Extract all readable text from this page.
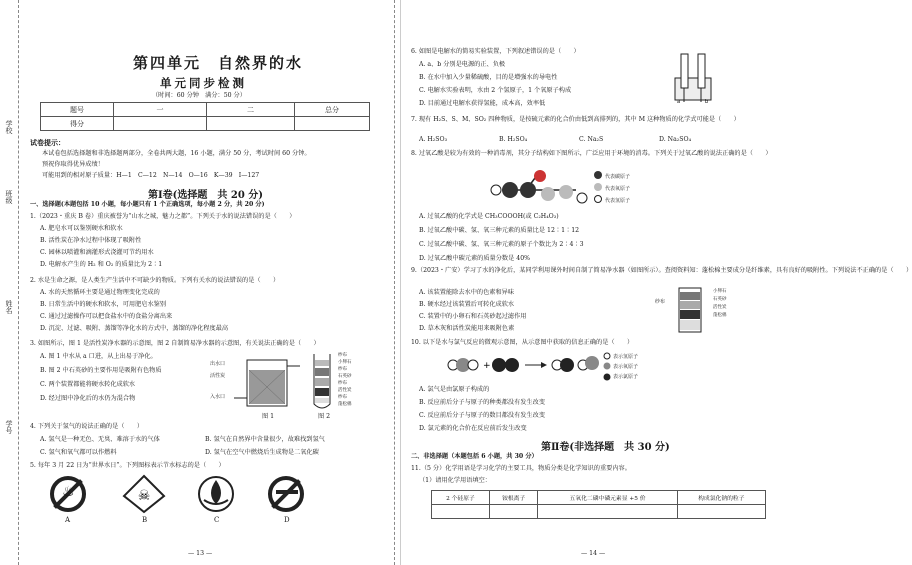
学校
班级
姓名
学号
第四单元　自然界的水
单元同步检测
（时间：60 分钟　满分：50 分）
题号	一	二	总分
得分			
试卷提示：
本试卷包括选择题和非选择题两部分，全卷共两大题，16 小题，满分 50 分，考试时间 60 分钟。
预祝你取得优异成绩！
可能用到的相对原子质量：H—1　C—12　N—14　O—16　K—39　I—127
第Ⅰ卷(选择题　共 20 分)
一、选择题(本题包括 10 小题，每小题只有 1 个正确选项，每小题 2 分，共 20 分)
1.（2023・重庆 B 卷）重庆被誉为“山水之城，魅力之都”。下列关于水的说法错误的是（　　）
A. 肥皂水可以鉴别硬水和软水
B. 活性炭在净水过程中体现了吸附性
C. 园林以喷灌和滴灌形式浇灌可节约用水
D. 电解水产生的 H₂ 和 O₂ 的质量比为 2∶1
2. 水是生命之源，是人类生产生活中不可缺少的物质。下列有关水的说法错误的是（　　）
A. 水的天然循环主要是通过物理变化完成的
B. 日常生活中的硬水和软水，可用肥皂水鉴别
C. 通过过滤操作可以把食盐水中的食盐分离出来
D. 沉淀、过滤、吸附、蒸馏等净化水的方式中，蒸馏的净化程度最高
3. 如图所示，图 1 是活性炭净水器的示意图，图 2 自制简易净水器的示意图，有关说法正确的是（　　）
A. 图 1 中水从 a 口进，从上出易于净化。
B. 图 2 中石英砂的主要作用是吸附有色物质
C. 两个装置都能将硬水转化成软水
D. 经过图中净化后的水仍为混合物
出水口
活性炭
入水口
图 1
纱布
小卵石
纱布
石英砂
纱布
活性炭
纱布
蓬松棉
图 2
4. 下列关于氢气的说法正确的是（　　）
A. 氢气是一种无色、无臭、难溶于水的气体	B. 氢气在自然界中含量很少，故难找到氢气
C. 氢气和氧气都可以作燃料	D. 氢气在空气中燃烧后生成物是二氧化碳
5. 每年 3 月 22 日为“世界水日”。下列图标表示节水标志的是（　　）
♨	☠
A	B	C	D
— 13 —
6. 如图是电解水的简易实验装置，下列叙述错误的是（　　）
A. a、b 分别是电源的正、负极
B. 在水中加入少量稀硫酸，目的是增强水的导电性
C. 电解水实验表明，水由 2 个氢原子，1 个氧原子构成
D. 目前通过电解水获得氢能，成本高，效率低	a	b
7. 现有 H₂S、S、M、SO₂ 四种物质，是按硫元素的化合价由低到高排列的，其中 M 这种物质的化学式可能是（　　）
A. H₂SO₃	B. H₂SO₄	C. Na₂S	D. Na₂SO₄
8. 过氧乙酸是较为有效的一种消毒剂，其分子结构如下图所示，广泛应用于环境的消毒。下列关于过氧乙酸的说法正确的是（　　）
代表碳原子
代表氧原子
代表氢原子
A. 过氧乙酸的化学式是 CH₃COOOH(或 C₂H₄O₃)
B. 过氧乙酸中碳、氢、氧三种元素的质量比是 12∶1∶12
C. 过氧乙酸中碳、氢、氧三种元素的原子个数比为 2∶4∶3
D. 过氧乙酸中碳元素的质量分数是 40%
9.（2023・广安）学习了水的净化后，某同学利用课外时间自制了简易净水器（如图所示）。查阅资料知：蓬松棉主要成分是纤维素，具有良好的吸附性。下列说法不正确的是（　　）
A. 该装置能除去水中的色素和异味
B. 硬水经过该装置后可转化成软水
C. 装置中的小卵石和石英砂起过滤作用
D. 草木灰和活性炭能用来吸附色素
纱布
小卵石
石英砂
活性炭
蓬松棉
10. 以下是水与氯气反应的微观示意图，从示意图中获取的信息正确的是（　　）
+
表示氢原子
表示氧原子
表示氯原子
A. 氯气是由氯原子构成的
B. 反应前后分子与原子的种类都没有发生改变
C. 反应前后分子与原子的数目都没有发生改变
D. 氯元素的化合价在反应前后发生改变
第Ⅱ卷(非选择题　共 30 分)
二、非选择题（本题包括 6 小题，共 30 分）
11.（5 分）化学用语是学习化学的主要工具，物质分类是化学知识的重要内容。
（1）请用化学用语填空：
2 个硅原子	铵根离子	五氧化二磷中磷元素显 +5 价	构成氯化钠的粒子

— 14 —
